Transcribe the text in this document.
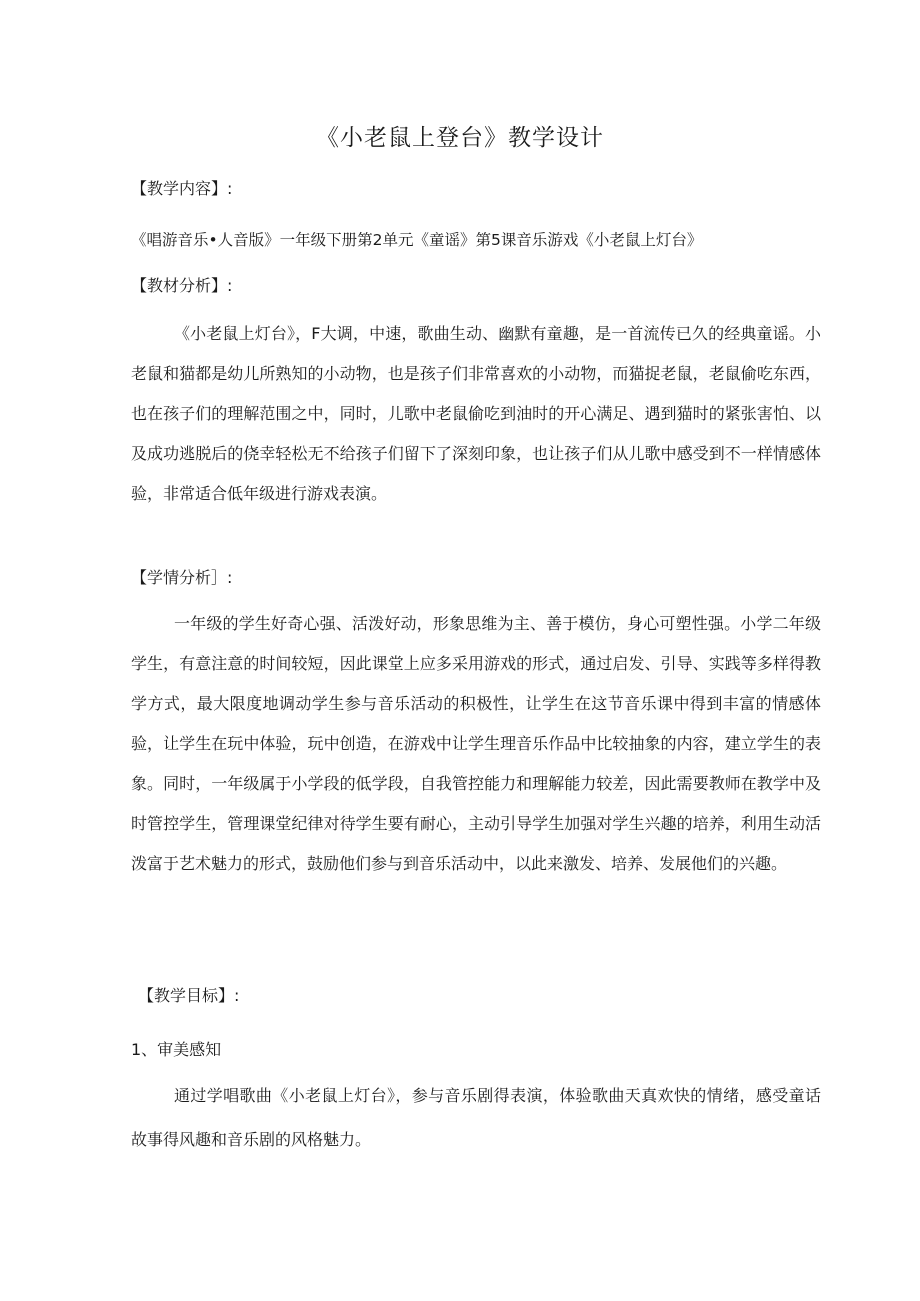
《小老鼠上登台》教学设计
【教学内容】:
《唱游音乐•人音版》一年级下册第2单元《童谣》第5课音乐游戏《小老鼠上灯台》
【教材分析】:
《小老鼠上灯台》，F大调，中速，歌曲生动、幽默有童趣，是一首流传已久的经典童谣。小老鼠和猫都是幼儿所熟知的小动物，也是孩子们非常喜欢的小动物，而猫捉老鼠，老鼠偷吃东西，也在孩子们的理解范围之中，同时，儿歌中老鼠偷吃到油时的开心满足、遇到猫时的紧张害怕、以及成功逃脱后的侥幸轻松无不给孩子们留下了深刻印象，也让孩子们从儿歌中感受到不一样情感体验，非常适合低年级进行游戏表演。
【学情分析］:
一年级的学生好奇心强、活泼好动，形象思维为主、善于模仿，身心可塑性强。小学二年级学生，有意注意的时间较短，因此课堂上应多采用游戏的形式，通过启发、引导、实践等多样得教学方式，最大限度地调动学生参与音乐活动的积极性，让学生在这节音乐课中得到丰富的情感体验，让学生在玩中体验，玩中创造，在游戏中让学生理音乐作品中比较抽象的内容，建立学生的表象。同时，一年级属于小学段的低学段，自我管控能力和理解能力较差，因此需要教师在教学中及时管控学生，管理课堂纪律对待学生要有耐心，主动引导学生加强对学生兴趣的培养，利用生动活泼富于艺术魅力的形式，鼓励他们参与到音乐活动中，以此来激发、培养、发展他们的兴趣。
【教学目标】:
1、审美感知
通过学唱歌曲《小老鼠上灯台》，参与音乐剧得表演，体验歌曲天真欢快的情绪，感受童话故事得风趣和音乐剧的风格魅力。
